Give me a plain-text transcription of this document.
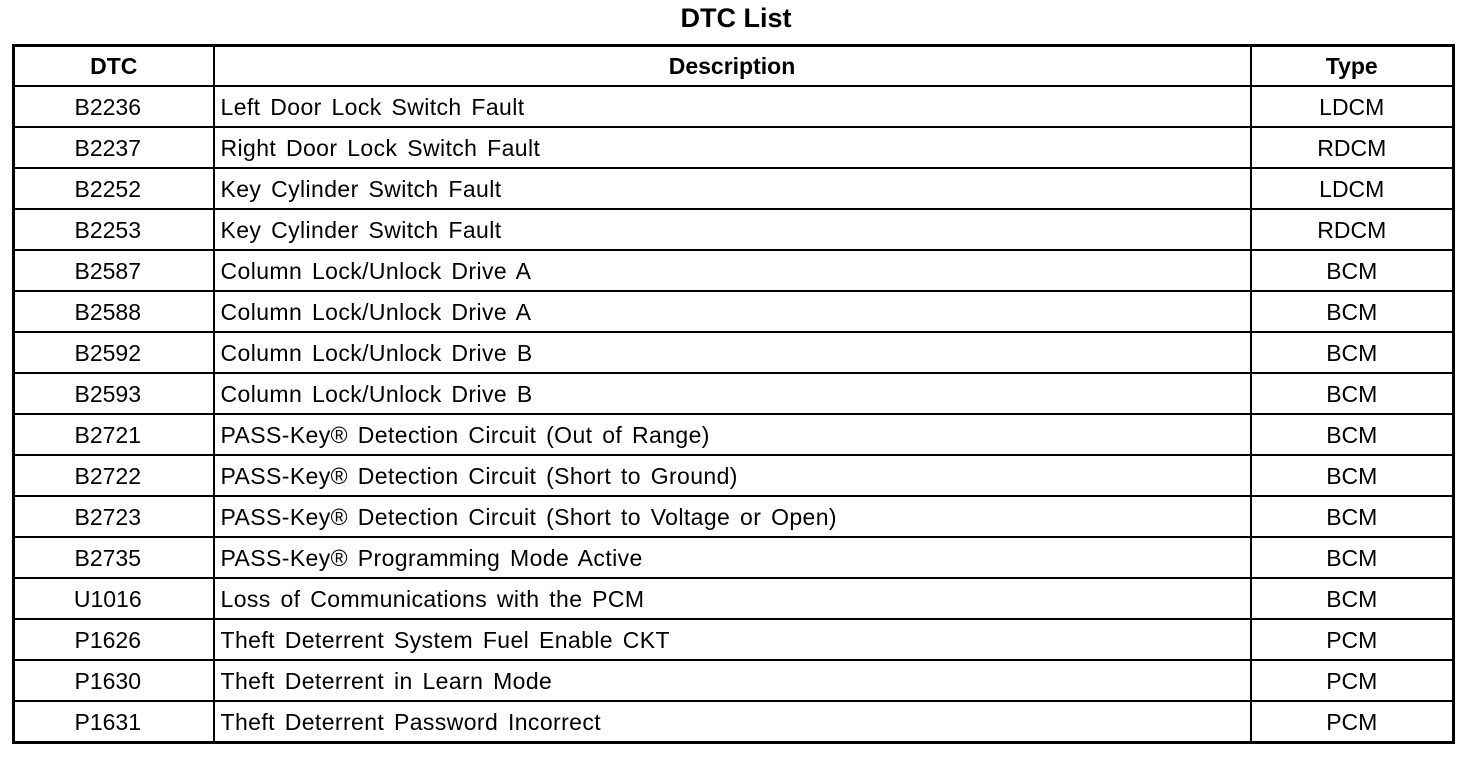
DTC List
DTC	Description	Type
B2236	Left Door Lock Switch Fault	LDCM
B2237	Right Door Lock Switch Fault	RDCM
B2252	Key Cylinder Switch Fault	LDCM
B2253	Key Cylinder Switch Fault	RDCM
B2587	Column Lock/Unlock Drive A	BCM
B2588	Column Lock/Unlock Drive A	BCM
B2592	Column Lock/Unlock Drive B	BCM
B2593	Column Lock/Unlock Drive B	BCM
B2721	PASS-Key® Detection Circuit (Out of Range)	BCM
B2722	PASS-Key® Detection Circuit (Short to Ground)	BCM
B2723	PASS-Key® Detection Circuit (Short to Voltage or Open)	BCM
B2735	PASS-Key® Programming Mode Active	BCM
U1016	Loss of Communications with the PCM	BCM
P1626	Theft Deterrent System Fuel Enable CKT	PCM
P1630	Theft Deterrent in Learn Mode	PCM
P1631	Theft Deterrent Password Incorrect	PCM
